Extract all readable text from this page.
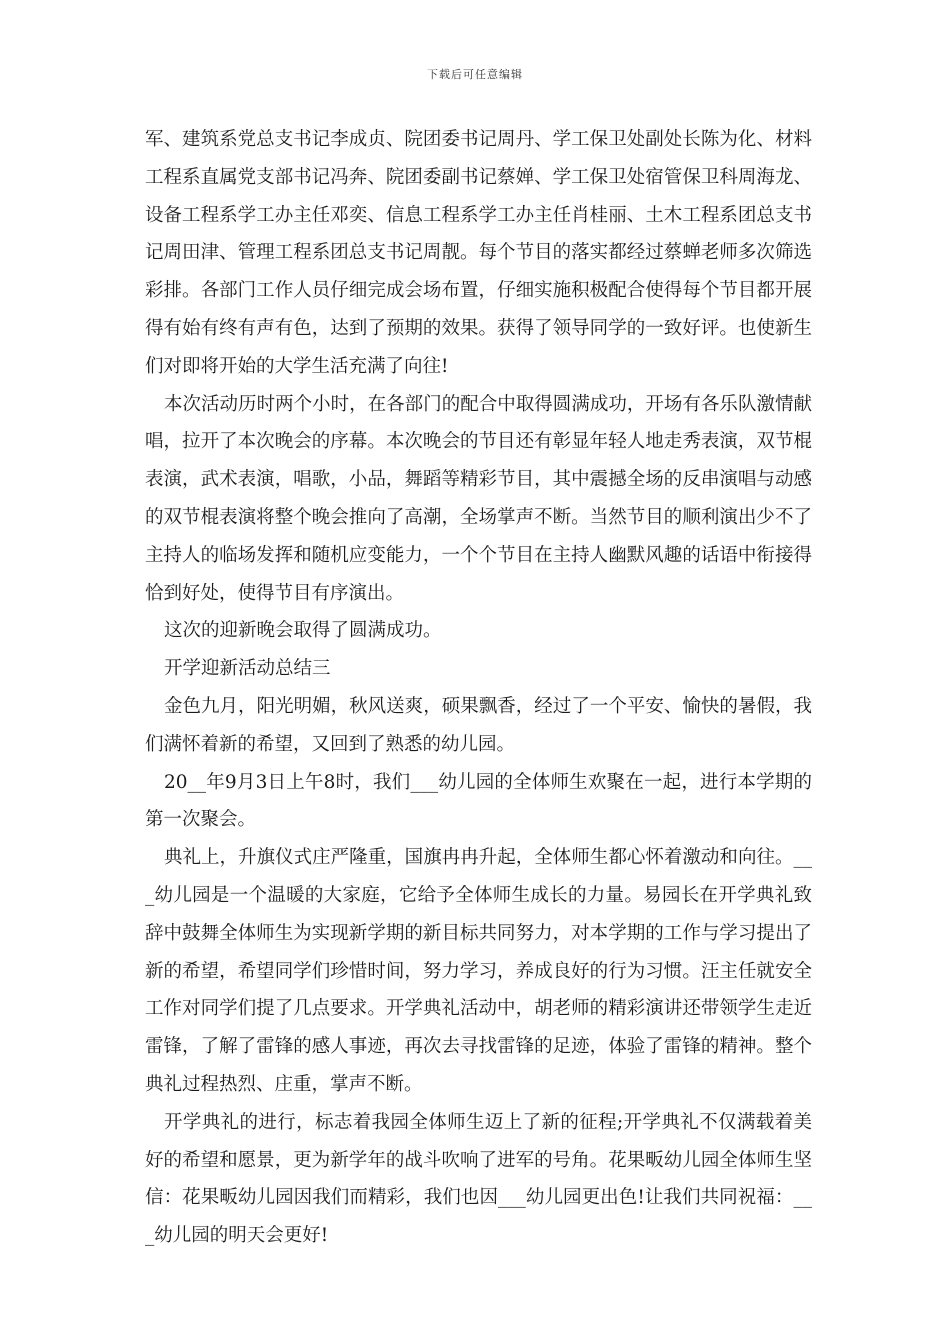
下载后可任意编辑

军、建筑系党总支书记李成贞、院团委书记周丹、学工保卫处副处长陈为化、材料工程系直属党支部书记冯奔、院团委副书记蔡婵、学工保卫处宿管保卫科周海龙、设备工程系学工办主任邓奕、信息工程系学工办主任肖桂丽、土木工程系团总支书记周田津、管理工程系团总支书记周靓。每个节目的落实都经过蔡蝉老师多次筛选彩排。各部门工作人员仔细完成会场布置，仔细实施积极配合使得每个节目都开展得有始有终有声有色，达到了预期的效果。获得了领导同学的一致好评。也使新生们对即将开始的大学生活充满了向往!

本次活动历时两个小时，在各部门的配合中取得圆满成功，开场有各乐队激情献唱，拉开了本次晚会的序幕。本次晚会的节目还有彰显年轻人地走秀表演，双节棍表演，武术表演，唱歌，小品，舞蹈等精彩节目，其中震撼全场的反串演唱与动感的双节棍表演将整个晚会推向了高潮，全场掌声不断。当然节目的顺利演出少不了主持人的临场发挥和随机应变能力，一个个节目在主持人幽默风趣的话语中衔接得恰到好处，使得节目有序演出。

这次的迎新晚会取得了圆满成功。

开学迎新活动总结三

金色九月，阳光明媚，秋风送爽，硕果飘香，经过了一个平安、愉快的暑假，我们满怀着新的希望，又回到了熟悉的幼儿园。

20__年9月3日上午8时，我们___幼儿园的全体师生欢聚在一起，进行本学期的第一次聚会。

典礼上，升旗仪式庄严隆重，国旗冉冉升起，全体师生都心怀着激动和向往。___幼儿园是一个温暖的大家庭，它给予全体师生成长的力量。易园长在开学典礼致辞中鼓舞全体师生为实现新学期的新目标共同努力，对本学期的工作与学习提出了新的希望，希望同学们珍惜时间，努力学习，养成良好的行为习惯。汪主任就安全工作对同学们提了几点要求。开学典礼活动中，胡老师的精彩演讲还带领学生走近雷锋，了解了雷锋的感人事迹，再次去寻找雷锋的足迹，体验了雷锋的精神。整个典礼过程热烈、庄重，掌声不断。

开学典礼的进行，标志着我园全体师生迈上了新的征程;开学典礼不仅满载着美好的希望和愿景，更为新学年的战斗吹响了进军的号角。花果畈幼儿园全体师生坚信：花果畈幼儿园因我们而精彩，我们也因___幼儿园更出色!让我们共同祝福：___幼儿园的明天会更好!
